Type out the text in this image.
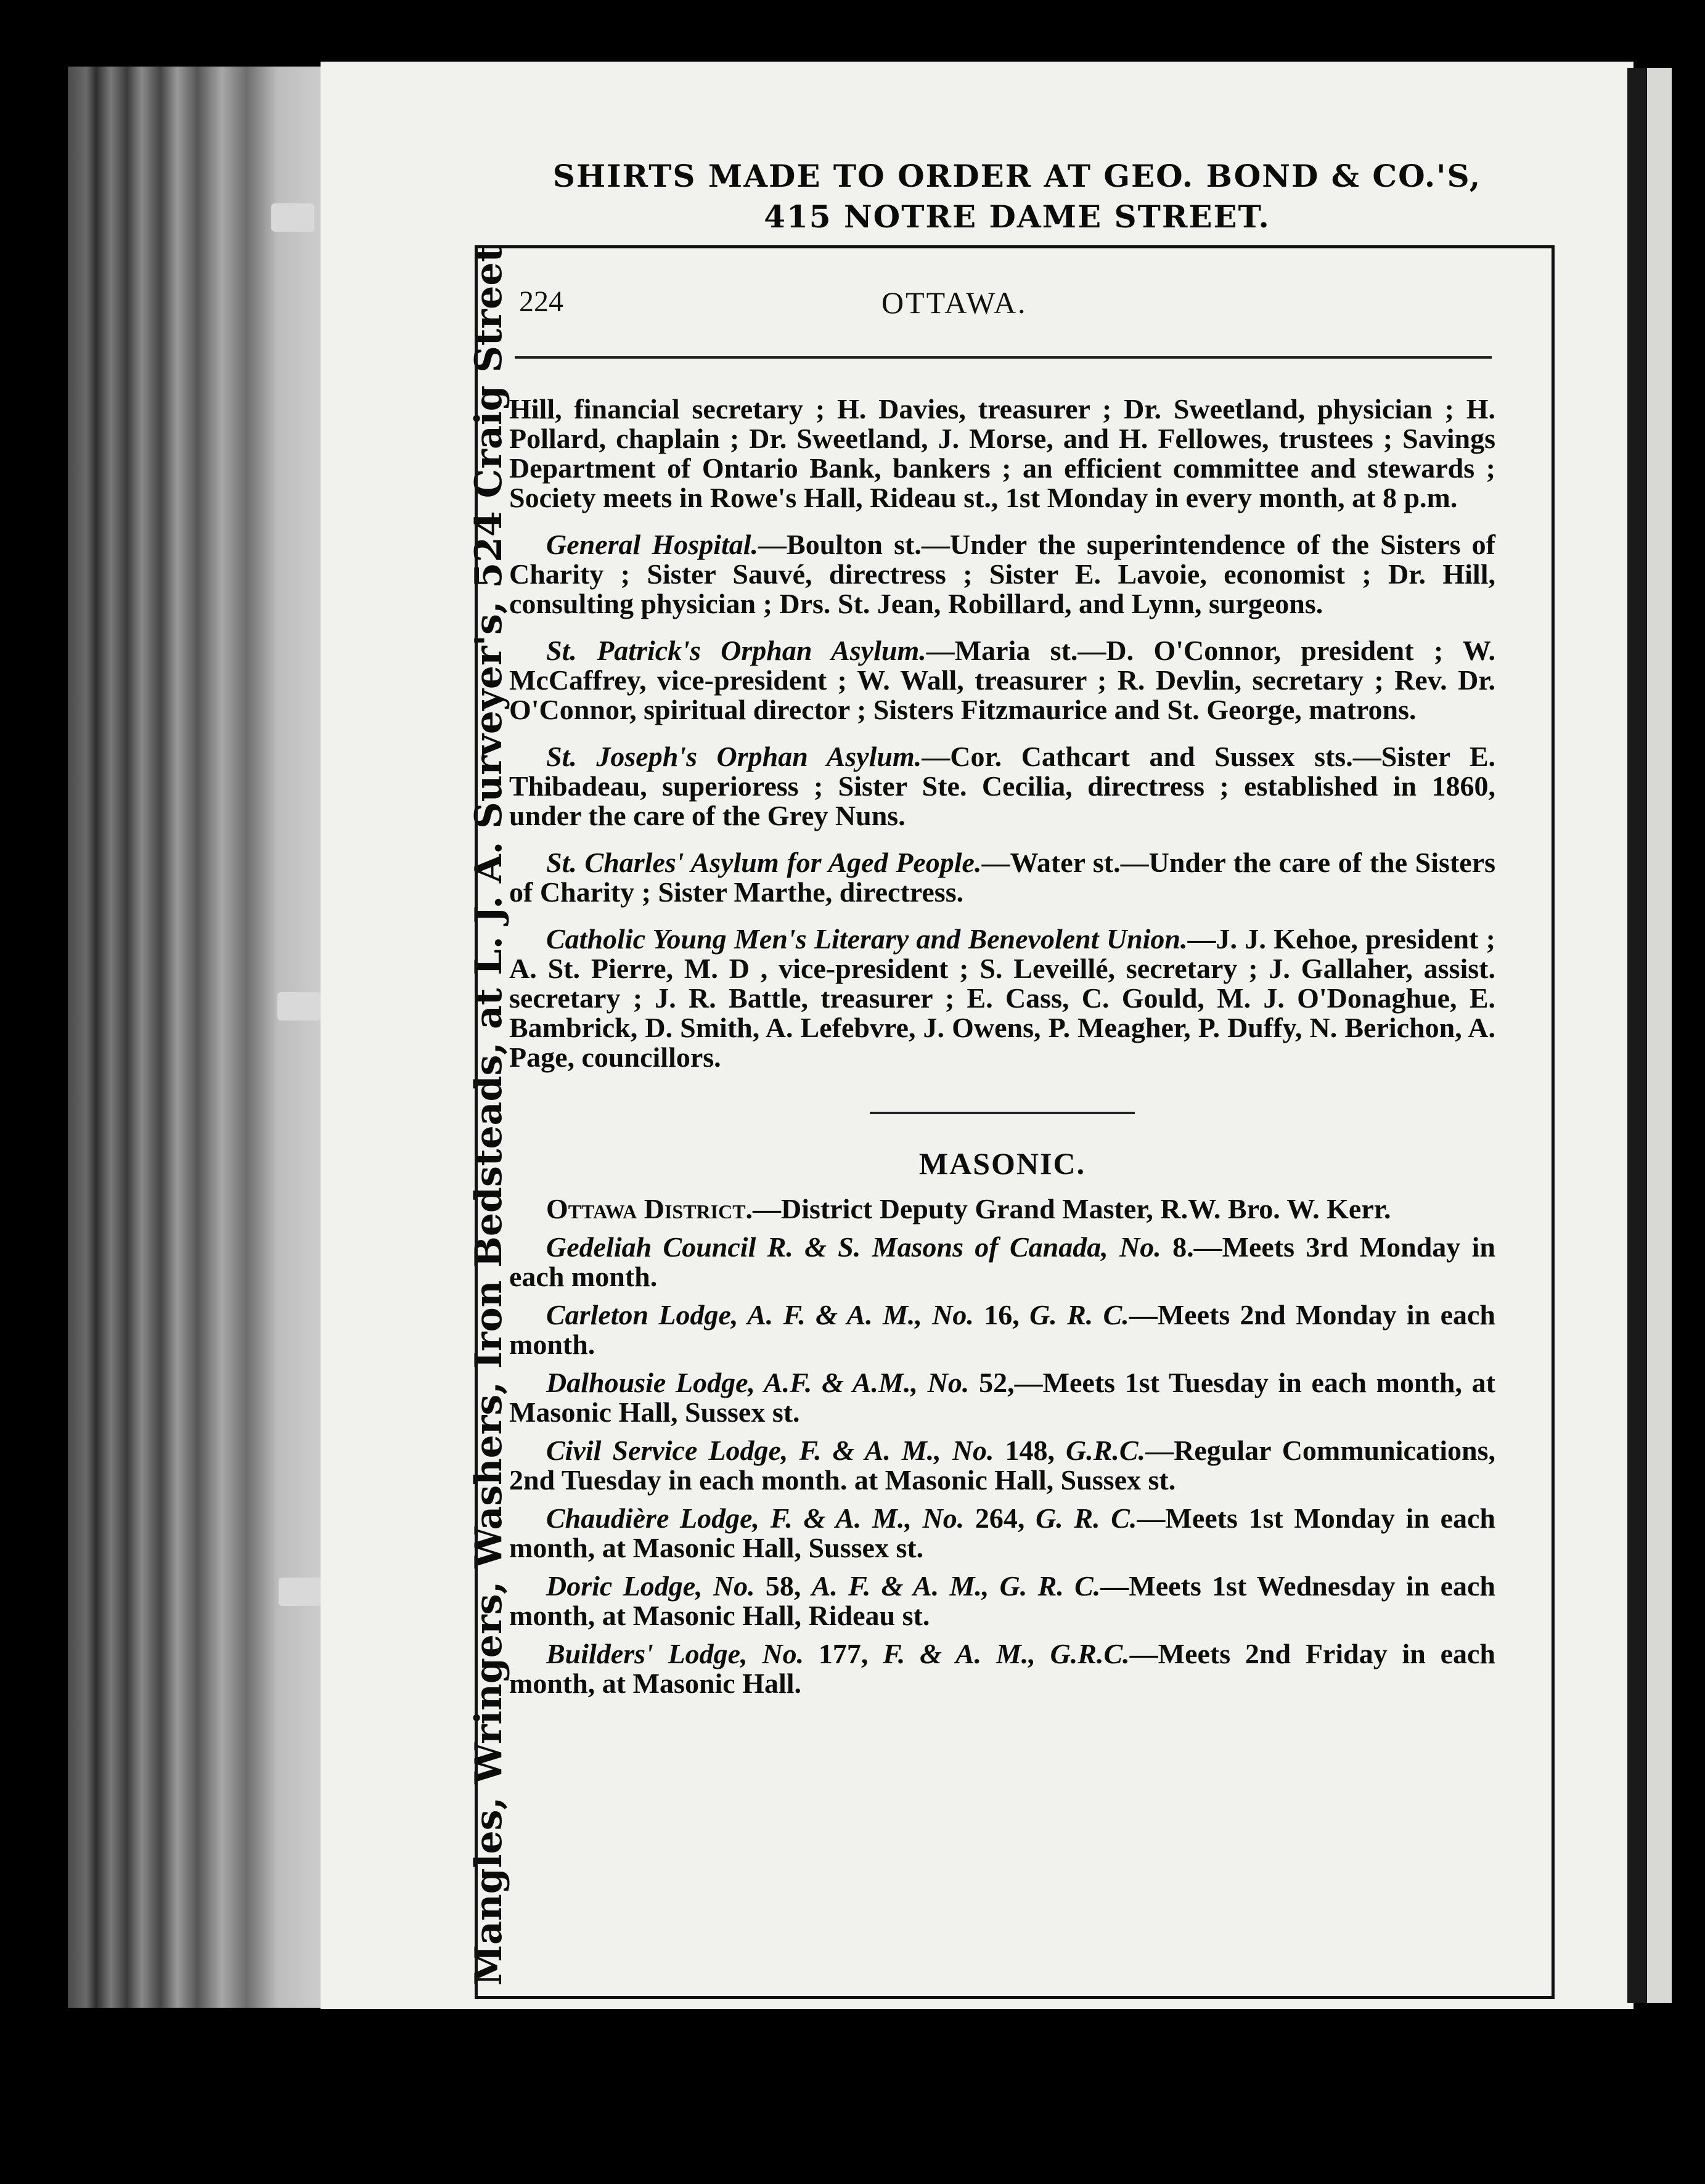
SHIRTS MADE TO ORDER AT GEO. BOND & CO.'S,
415 NOTRE DAME STREET.
Mangles, Wringers, Washers, Iron Bedsteads, at L. J. A. Surveyer's, 524 Craig Street 224	OTTAWA.

Hill, financial secretary ; H. Davies, treasurer ; Dr. Sweetland, physician ; H. Pollard, chaplain ; Dr. Sweetland, J. Morse, and H. Fellowes, trustees ; Savings Department of Ontario Bank, bankers ; an efficient committee and stewards ; Society meets in Rowe's Hall, Rideau st., 1st Monday in every month, at 8 p.m.

General Hospital.—Boulton st.—Under the superintendence of the Sisters of Charity ; Sister Sauvé, directress ; Sister E. Lavoie, economist ; Dr. Hill, consulting physician ; Drs. St. Jean, Robillard, and Lynn, surgeons.

St. Patrick's Orphan Asylum.—Maria st.—D. O'Connor, president ; W. McCaffrey, vice-president ; W. Wall, treasurer ; R. Devlin, secretary ; Rev. Dr. O'Connor, spiritual director ; Sisters Fitzmaurice and St. George, matrons.

St. Joseph's Orphan Asylum.—Cor. Cathcart and Sussex sts.—Sister E. Thibadeau, superioress ; Sister Ste. Cecilia, directress ; established in 1860, under the care of the Grey Nuns.

St. Charles' Asylum for Aged People.—Water st.—Under the care of the Sisters of Charity ; Sister Marthe, directress.

Catholic Young Men's Literary and Benevolent Union.—J. J. Kehoe, president ; A. St. Pierre, M. D , vice-president ; S. Leveillé, secretary ; J. Gallaher, assist. secretary ; J. R. Battle, treasurer ; E. Cass, C. Gould, M. J. O'Donaghue, E. Bambrick, D. Smith, A. Lefebvre, J. Owens, P. Meagher, P. Duffy, N. Berichon, A. Page, councillors.

MASONIC.

Ottawa District.—District Deputy Grand Master, R.W. Bro. W. Kerr.

Gedeliah Council R. & S. Masons of Canada, No. 8.—Meets 3rd Monday in each month.

Carleton Lodge, A. F. & A. M., No. 16, G. R. C.—Meets 2nd Monday in each month.

Dalhousie Lodge, A.F. & A.M., No. 52,—Meets 1st Tuesday in each month, at Masonic Hall, Sussex st.

Civil Service Lodge, F. & A. M., No. 148, G.R.C.—Regular Communications, 2nd Tuesday in each month. at Masonic Hall, Sussex st.

Chaudière Lodge, F. & A. M., No. 264, G. R. C.—Meets 1st Monday in each month, at Masonic Hall, Sussex st.

Doric Lodge, No. 58, A. F. & A. M., G. R. C.—Meets 1st Wednesday in each month, at Masonic Hall, Rideau st.

Builders' Lodge, No. 177, F. & A. M., G.R.C.—Meets 2nd Friday in each month, at Masonic Hall.
